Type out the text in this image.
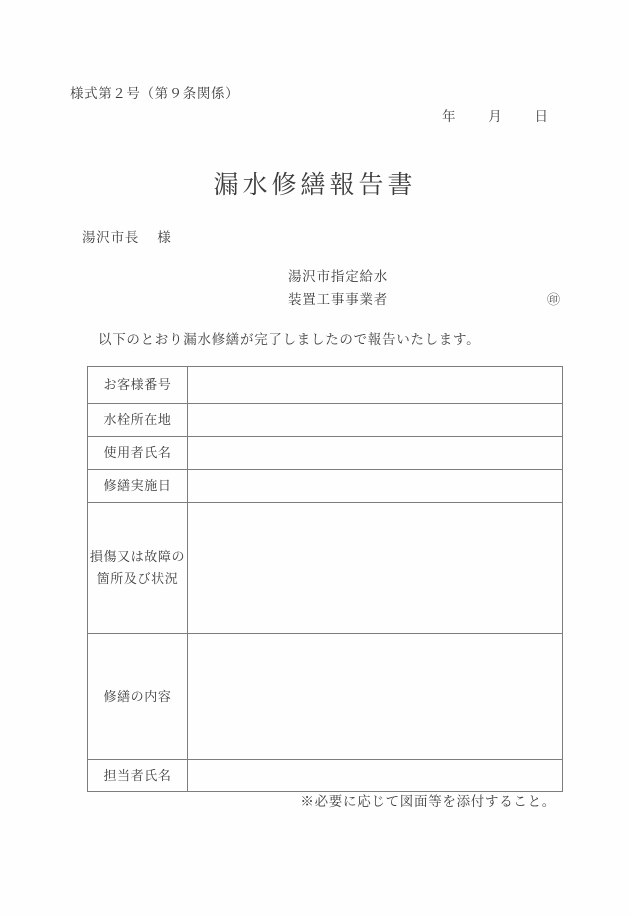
様式第２号（第９条関係）
年 月 日
漏水修繕報告書
湯沢市長 様
湯沢市指定給水
装置工事事業者	㊞
以下のとおり漏水修繕が完了しましたので報告いたします。
お客様番号	
水栓所在地	
使用者氏名	
修繕実施日	

損傷又は故障の
箇所及び状況	

修繕の内容	
担当者氏名	
※必要に応じて図面等を添付すること。
